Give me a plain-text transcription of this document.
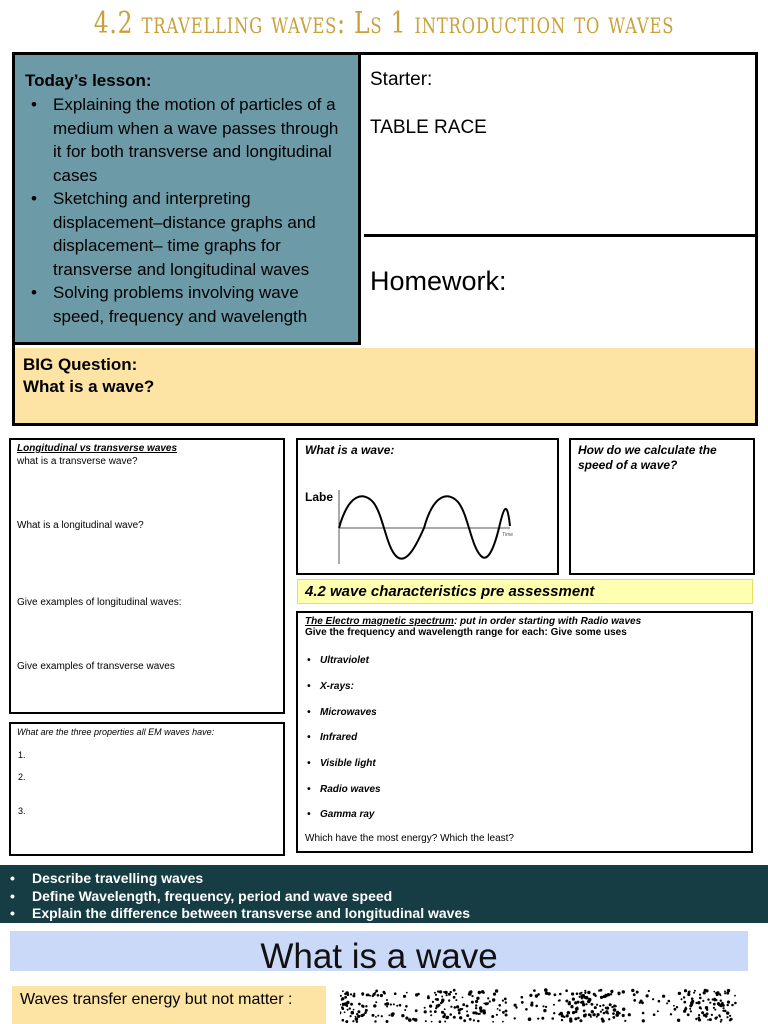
4.2 travelling waves: Ls 1 introduction to waves
Today’s lesson:
• Explaining the motion of particles of a medium when a wave passes through it for both transverse and longitudinal cases
• Sketching and interpreting displacement–distance graphs and displacement– time graphs for transverse and longitudinal waves
• Solving problems involving wave speed, frequency and wavelength
Starter:
TABLE RACE
Homework:
BIG Question:
What is a wave?
Longitudinal vs transverse waves
what is a transverse wave?
What is a longitudinal wave?
Give examples of longitudinal waves:
Give examples of transverse waves
What are the three properties all EM waves have:
1.
2.
3.
What is a wave:
Labe
Time
How do we calculate the speed of a wave?
4.2 wave characteristics pre assessment
The Electro magnetic spectrum: put in order starting with Radio waves
Give the frequency and wavelength range for each: Give some uses
• Ultraviolet
• X-rays:
• Microwaves
• Infrared
• Visible light
• Radio waves
• Gamma ray
Which have the most energy? Which the least?
• Describe travelling waves
• Define Wavelength, frequency, period and wave speed
• Explain the difference between transverse and longitudinal waves
What is a wave
Waves transfer energy but not matter :
